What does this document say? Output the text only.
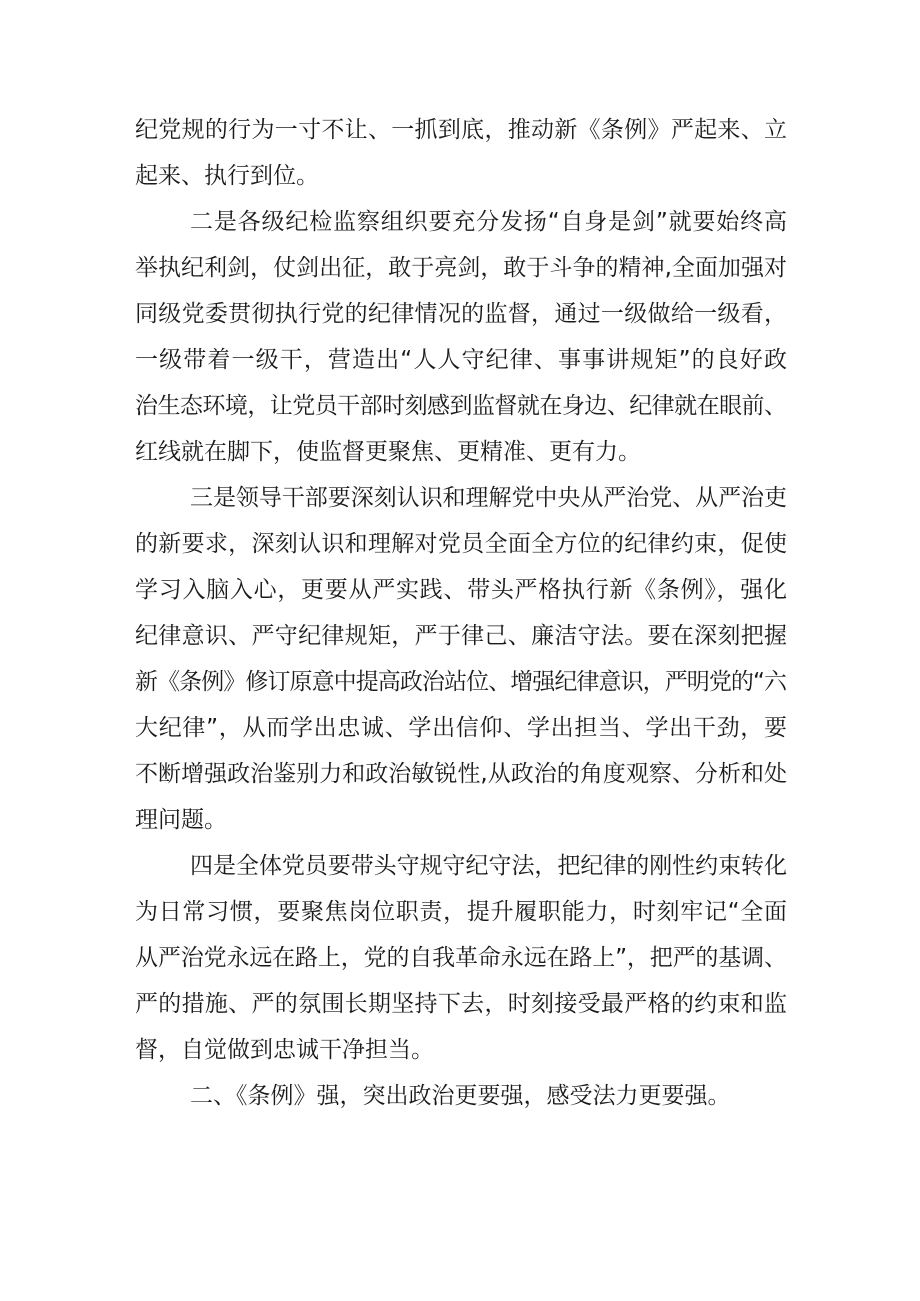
纪党规的行为一寸不让、一抓到底，推动新《条例》严起来、立
起来、执行到位。
二是各级纪检监察组织要充分发扬“自身是剑”就要始终高
举执纪利剑，仗剑出征，敢于亮剑，敢于斗争的精神,全面加强对
同级党委贯彻执行党的纪律情况的监督，通过一级做给一级看，
一级带着一级干，营造出“人人守纪律、事事讲规矩”的良好政
治生态环境，让党员干部时刻感到监督就在身边、纪律就在眼前、
红线就在脚下，使监督更聚焦、更精准、更有力。
三是领导干部要深刻认识和理解党中央从严治党、从严治吏
的新要求，深刻认识和理解对党员全面全方位的纪律约束，促使
学习入脑入心，更要从严实践、带头严格执行新《条例》，强化
纪律意识、严守纪律规矩，严于律己、廉洁守法。要在深刻把握
新《条例》修订原意中提高政治站位、增强纪律意识，严明党的“六
大纪律”，从而学出忠诚、学出信仰、学出担当、学出干劲，要
不断增强政治鉴别力和政治敏锐性,从政治的角度观察、分析和处
理问题。
四是全体党员要带头守规守纪守法，把纪律的刚性约束转化
为日常习惯，要聚焦岗位职责，提升履职能力，时刻牢记“全面
从严治党永远在路上，党的自我革命永远在路上”，把严的基调、
严的措施、严的氛围长期坚持下去，时刻接受最严格的约束和监
督，自觉做到忠诚干净担当。
二、《条例》强，突出政治更要强，感受法力更要强。
